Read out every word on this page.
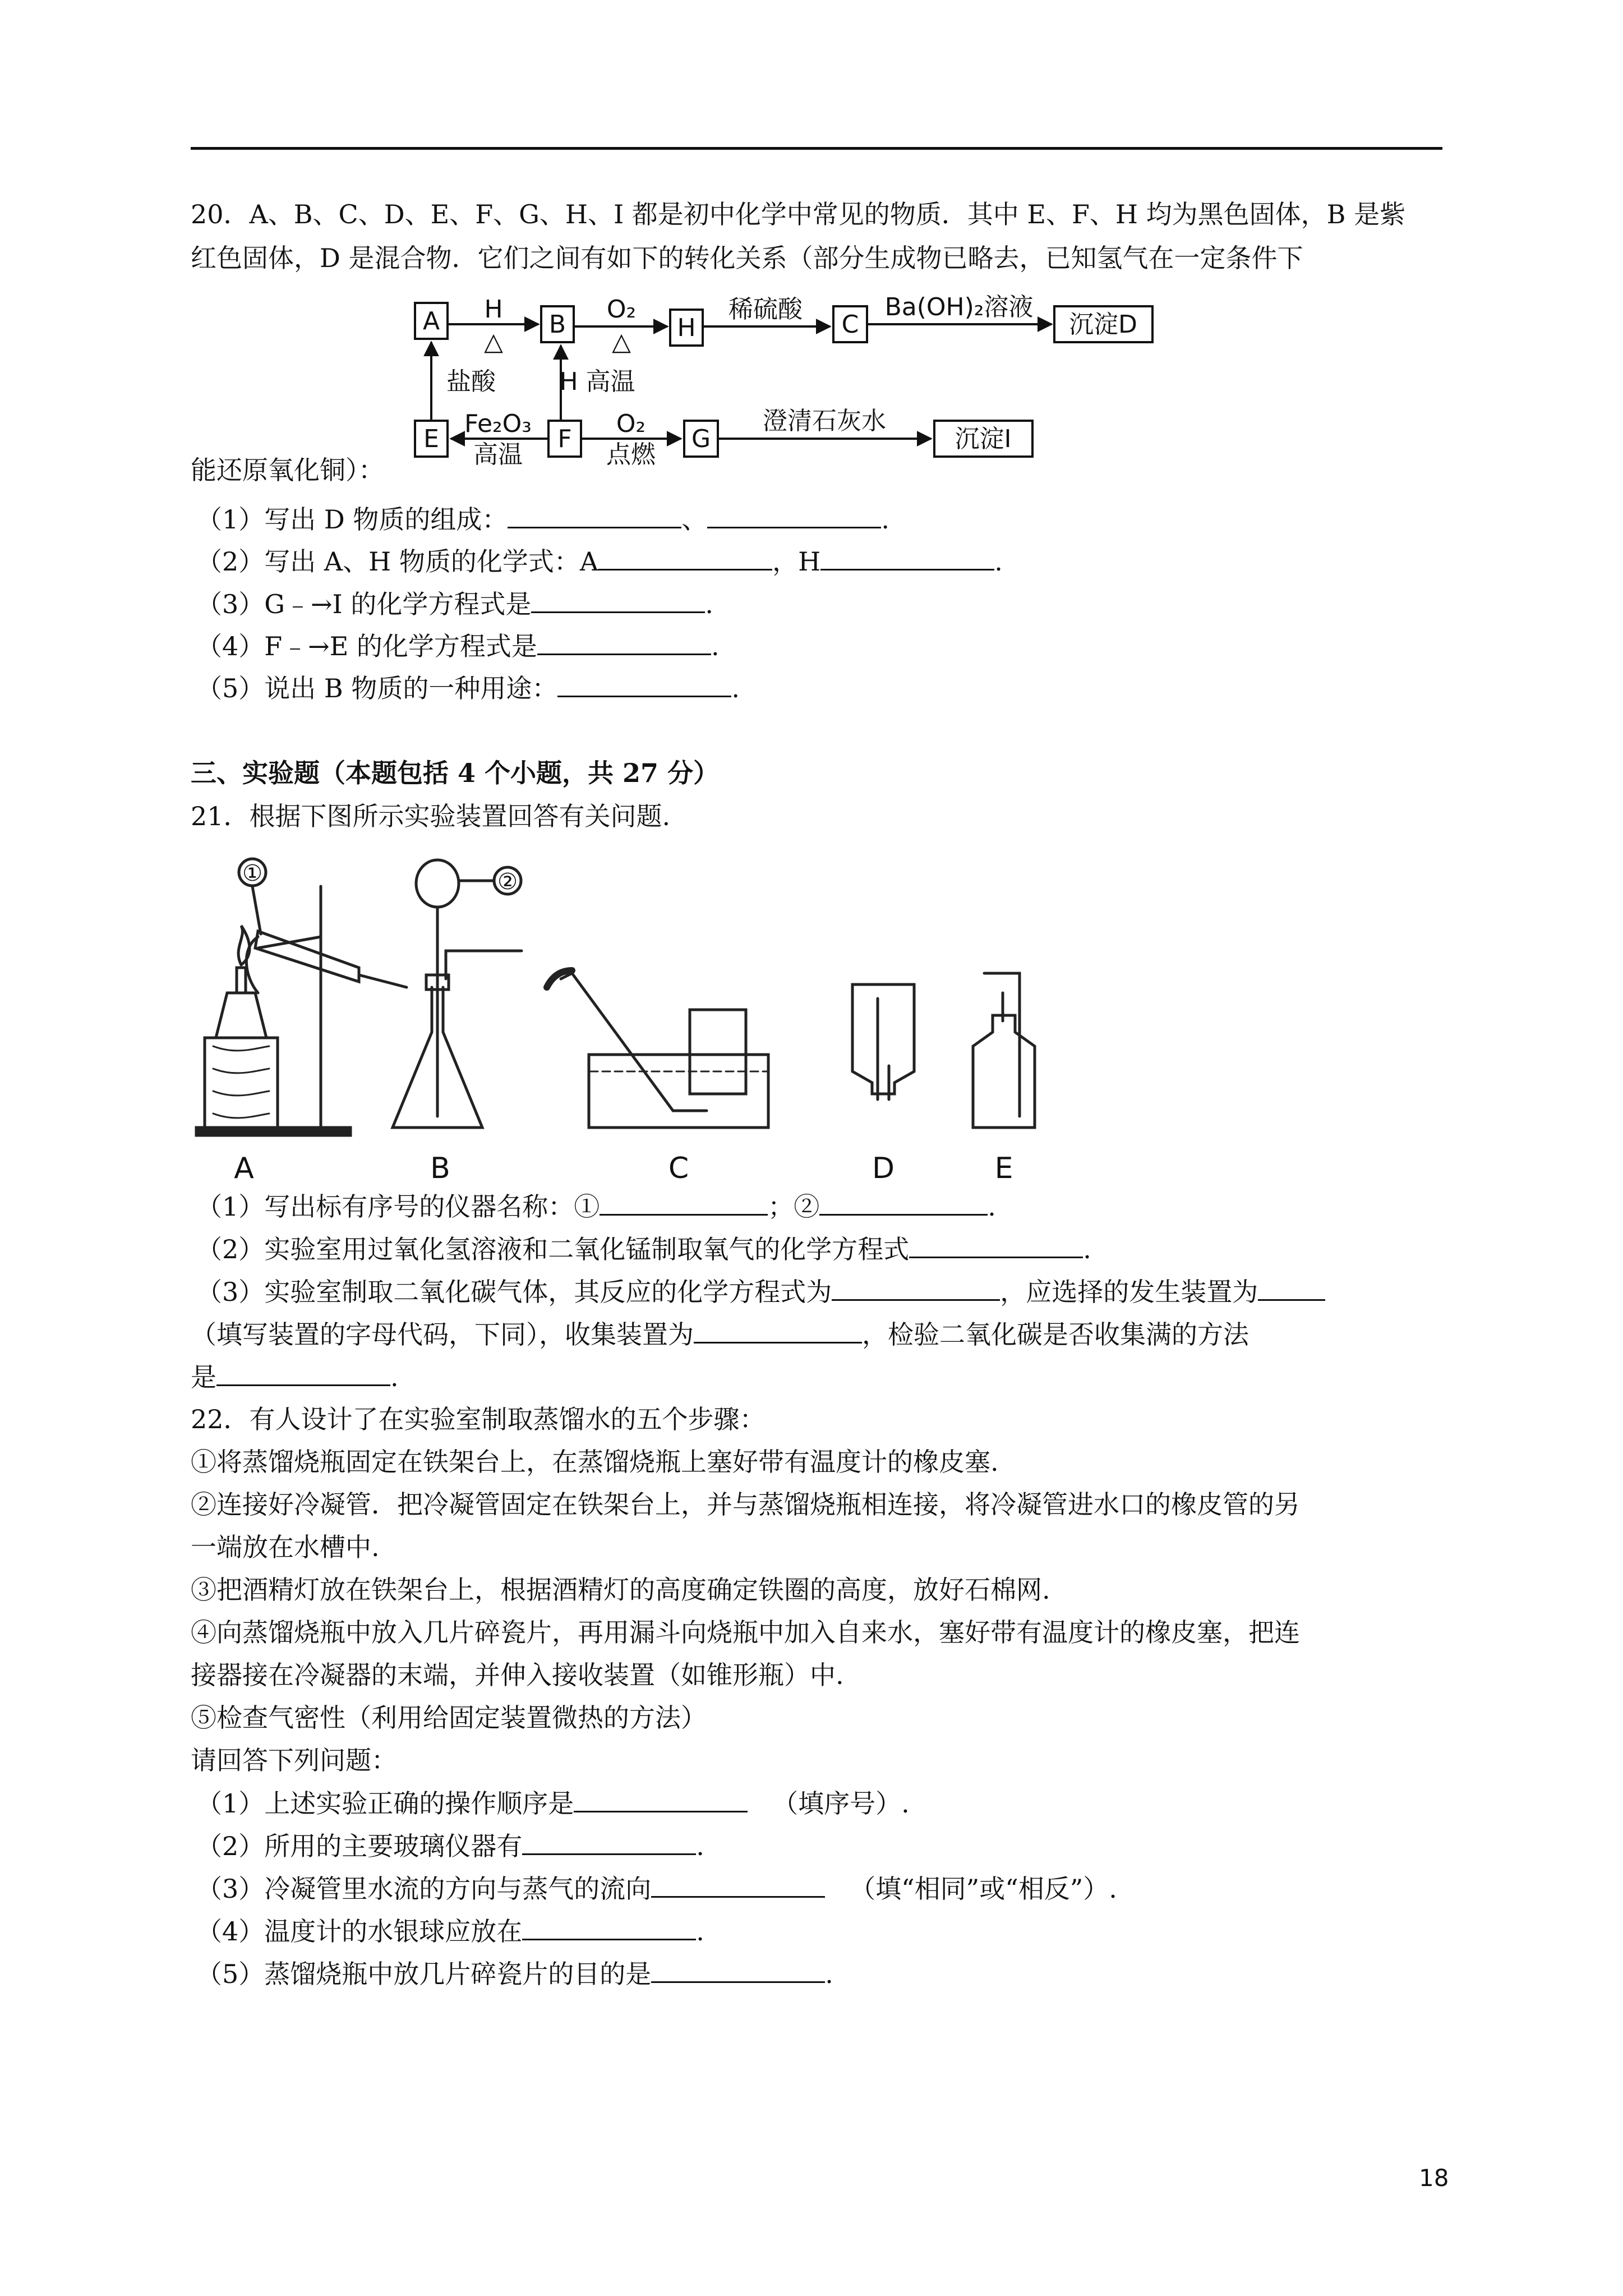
20．A、B、C、D、E、F、G、H、I 都是初中化学中常见的物质．其中 E、F、H 均为黑色固体，B 是紫
红色固体，D 是混合物．它们之间有如下的转化关系（部分生成物已略去，已知氢气在一定条件下
A	B	H	C	沉淀D
E	F	G	沉淀I
H
△
O₂
△
稀硫酸	Ba(OH)₂溶液
盐酸	H 高温
Fe₂O₃
高温
O₂
点燃
澄清石灰水
能还原氧化铜）：
（1）写出 D 物质的组成：	、	.
（2）写出 A、H 物质的化学式：A	，H	.
（3）G﹣→I 的化学方程式是	.
（4）F﹣→E 的化学方程式是	.
（5）说出 B 物质的一种用途：	.
三、实验题（本题包括 4 个小题，共 27 分）
21．根据下图所示实验装置回答有关问题.
A
①	②
B	C	D	E
（1）写出标有序号的仪器名称：①	；②	.
（2）实验室用过氧化氢溶液和二氧化锰制取氧气的化学方程式	.
（3）实验室制取二氧化碳气体，其反应的化学方程式为	，应选择的发生装置为
（填写装置的字母代码，下同），收集装置为	，检验二氧化碳是否收集满的方法
是	.
22．有人设计了在实验室制取蒸馏水的五个步骤：
①将蒸馏烧瓶固定在铁架台上，在蒸馏烧瓶上塞好带有温度计的橡皮塞.
②连接好冷凝管．把冷凝管固定在铁架台上，并与蒸馏烧瓶相连接，将冷凝管进水口的橡皮管的另
一端放在水槽中.
③把酒精灯放在铁架台上，根据酒精灯的高度确定铁圈的高度，放好石棉网.
④向蒸馏烧瓶中放入几片碎瓷片，再用漏斗向烧瓶中加入自来水，塞好带有温度计的橡皮塞，把连
接器接在冷凝器的末端，并伸入接收装置（如锥形瓶）中.
⑤检查气密性（利用给固定装置微热的方法）
请回答下列问题：
（1）上述实验正确的操作顺序是	（填序号）.
（2）所用的主要玻璃仪器有	.
（3）冷凝管里水流的方向与蒸气的流向	（填“相同”或“相反”）.
（4）温度计的水银球应放在	.
（5）蒸馏烧瓶中放几片碎瓷片的目的是	.
18
